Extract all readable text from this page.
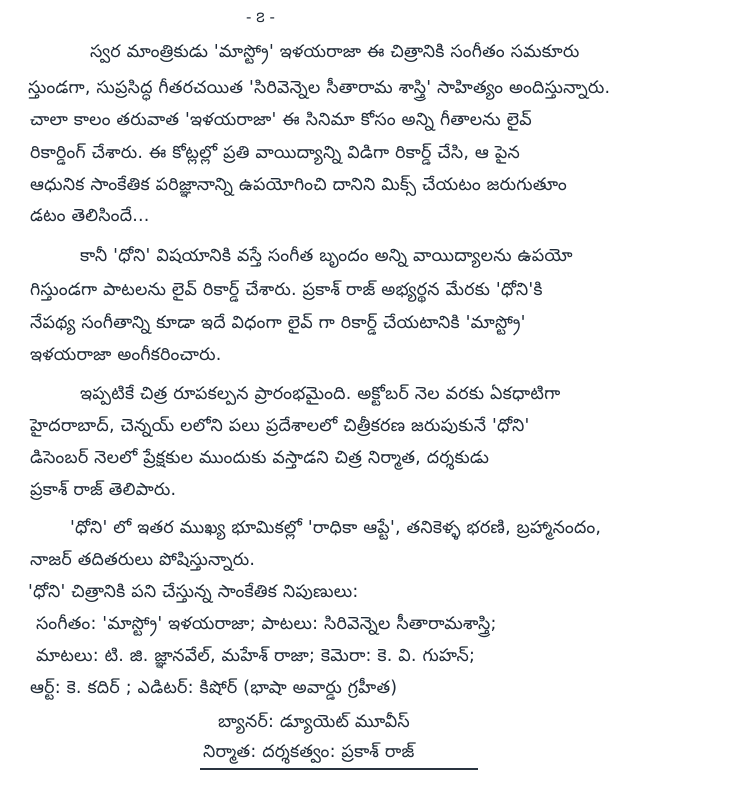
- ౭ -
స్వర మాంత్రికుడు 'మాస్ట్రో' ఇళయరాజా ఈ చిత్రానికి సంగీతం సమకూరు
స్తుండగా, సుప్రసిద్ధ గీతరచయిత 'సిరివెన్నెల సీతారామ శాస్త్రి' సాహిత్యం అందిస్తున్నారు.
చాలా కాలం తరువాత 'ఇళయరాజా' ఈ సినిమా కోసం అన్ని గీతాలను లైవ్
రికార్డింగ్ చేశారు. ఈ కోట్లల్లో ప్రతి వాయిద్యాన్ని విడిగా రికార్డ్ చేసి, ఆ పైన
ఆధునిక సాంకేతిక పరిజ్ఞానాన్ని ఉపయోగించి దానిని మిక్స్ చేయటం జరుగుతూం
డటం తెలిసిందే...
కానీ 'ధోని' విషయానికి వస్తే సంగీత బృందం అన్ని వాయిద్యాలను ఉపయో
గిస్తుండగా పాటలను లైవ్ రికార్డ్ చేశారు. ప్రకాశ్ రాజ్ అభ్యర్థన మేరకు 'ధోని'కి
నేపథ్య సంగీతాన్ని కూడా ఇదే విధంగా లైవ్ గా రికార్డ్ చేయటానికి 'మాస్ట్రో'
ఇళయరాజా అంగీకరించారు.
ఇప్పటికే చిత్ర రూపకల్పన ప్రారంభమైంది. అక్టోబర్ నెల వరకు ఏకధాటిగా
హైదరాబాద్, చెన్నయ్ లలోని పలు ప్రదేశాలలో చిత్రీకరణ జరుపుకునే 'ధోని'
డిసెంబర్ నెలలో ప్రేక్షకుల ముందుకు వస్తాడని చిత్ర నిర్మాత, దర్శకుడు
ప్రకాశ్ రాజ్ తెలిపారు.
'ధోని' లో ఇతర ముఖ్య భూమికల్లో 'రాధికా ఆప్టే', తనికెళ్ళ భరణి, బ్రహ్మానందం,
నాజర్ తదితరులు పోషిస్తున్నారు.
'ధోని' చిత్రానికి పని చేస్తున్న సాంకేతిక నిపుణులు:
సంగీతం: 'మాస్ట్రో' ఇళయరాజా; పాటలు: సిరివెన్నెల సీతారామశాస్త్రి;
మాటలు: టి. జి. జ్ఞానవేల్, మహేశ్ రాజా; కెమెరా: కె. వి. గుహన్;
ఆర్ట్: కె. కదిర్ ; ఎడిటర్: కిషోర్ (భాషా అవార్డు గ్రహీత)
బ్యానర్: డ్యూయెట్ మూవీస్
నిర్మాత: దర్శకత్వం: ప్రకాశ్ రాజ్
